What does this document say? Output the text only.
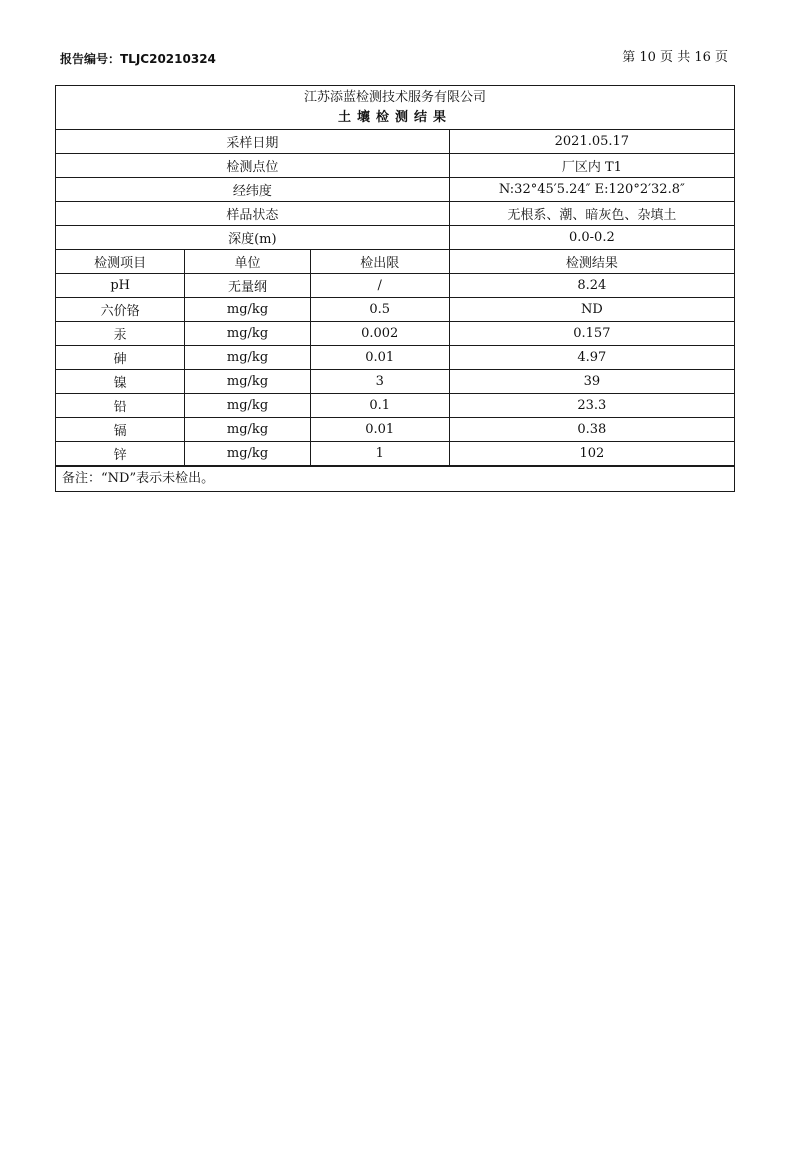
报告编号：TLJC20210324	第 10 页 共 16 页
江苏添蓝检测技术服务有限公司
土壤检测结果
采样日期			2021.05.17
检测点位			厂区内 T1
经纬度			N:32°45′5.24″ E:120°2′32.8″
样品状态			无根系、潮、暗灰色、杂填土
深度(m)			0.0-0.2
检测项目	单位	检出限	检测结果
pH	无量纲	/	8.24
六价铬	mg/kg	0.5	ND
汞	mg/kg	0.002	0.157
砷	mg/kg	0.01	4.97
镍	mg/kg	3	39
铅	mg/kg	0.1	23.3
镉	mg/kg	0.01	0.38
锌	mg/kg	1	102
备注：“ND”表示未检出。
